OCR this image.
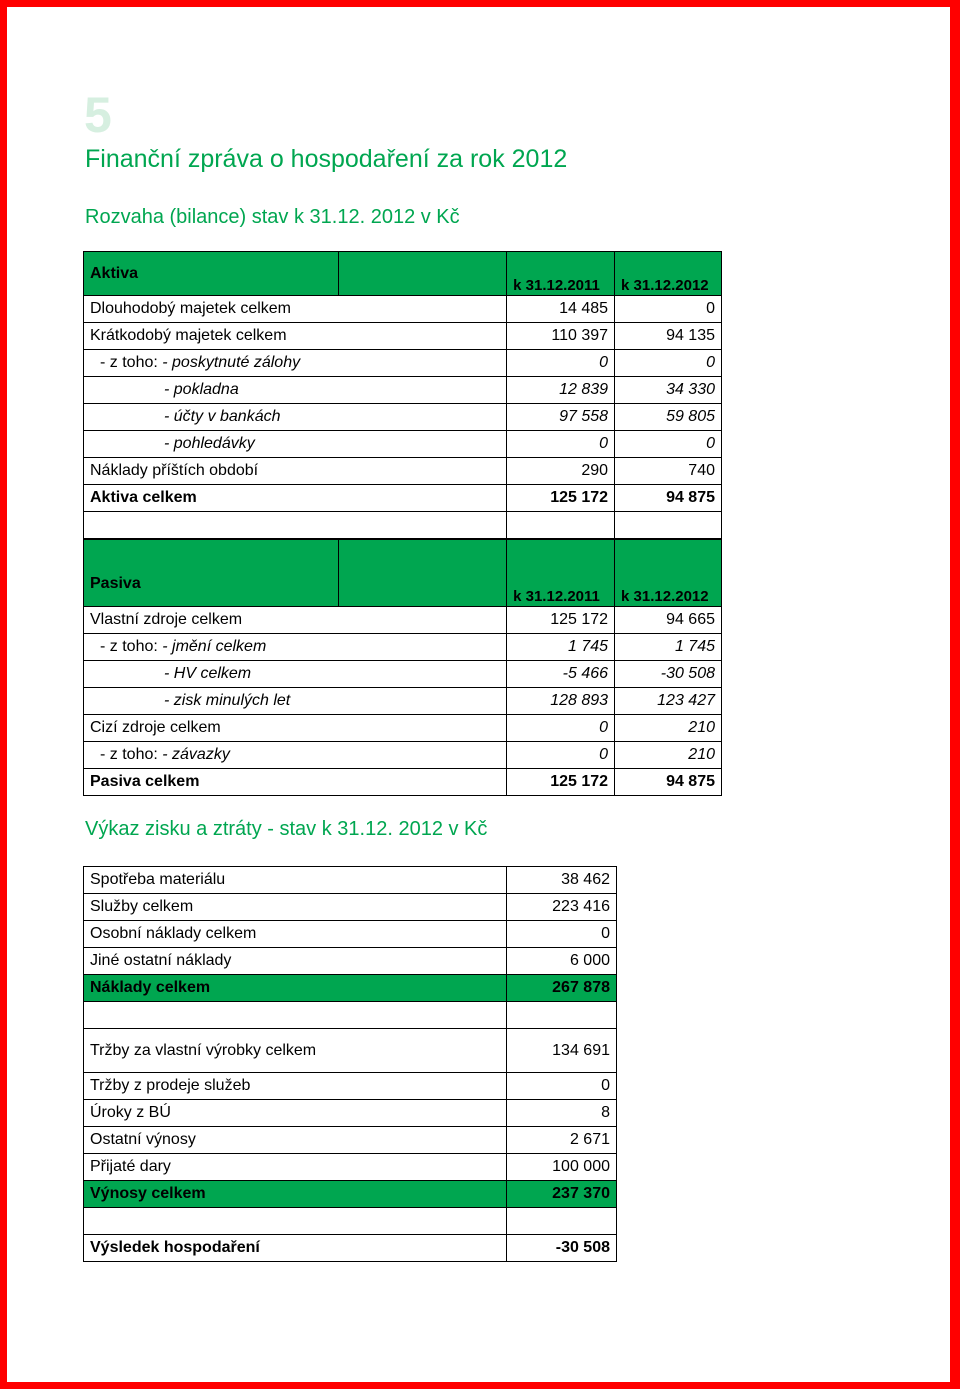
5
Finanční zpráva o hospodaření za rok 2012
Rozvaha (bilance) stav k 31.12. 2012 v Kč
Aktiva		k 31.12.2011	k 31.12.2012
Dlouhodobý majetek celkem		14 485	0
Krátkodobý majetek celkem		110 397	94 135
- z toho: - poskytnuté zálohy		0	0
- pokladna		12 839	34 330
- účty v bankách		97 558	59 805
- pohledávky		0	0
Náklady příštích období		290	740
Aktiva celkem		125 172	94 875

Pasiva		k 31.12.2011	k 31.12.2012
Vlastní zdroje celkem		125 172	94 665
- z toho: - jmění celkem		1 745	1 745
- HV celkem		-5 466	-30 508
- zisk minulých let		128 893	123 427
Cizí zdroje celkem		0	210
- z toho: - závazky		0	210
Pasiva celkem		125 172	94 875
Výkaz zisku a ztráty - stav k 31.12. 2012 v Kč
Spotřeba materiálu		38 462
Služby celkem		223 416
Osobní náklady celkem		0
Jiné ostatní náklady		6 000
Náklady celkem		267 878

Tržby za vlastní výrobky celkem		134 691
Tržby z prodeje služeb		0
Úroky z BÚ		8
Ostatní výnosy		2 671
Přijaté dary		100 000
Výnosy celkem		237 370

Výsledek hospodaření		-30 508
